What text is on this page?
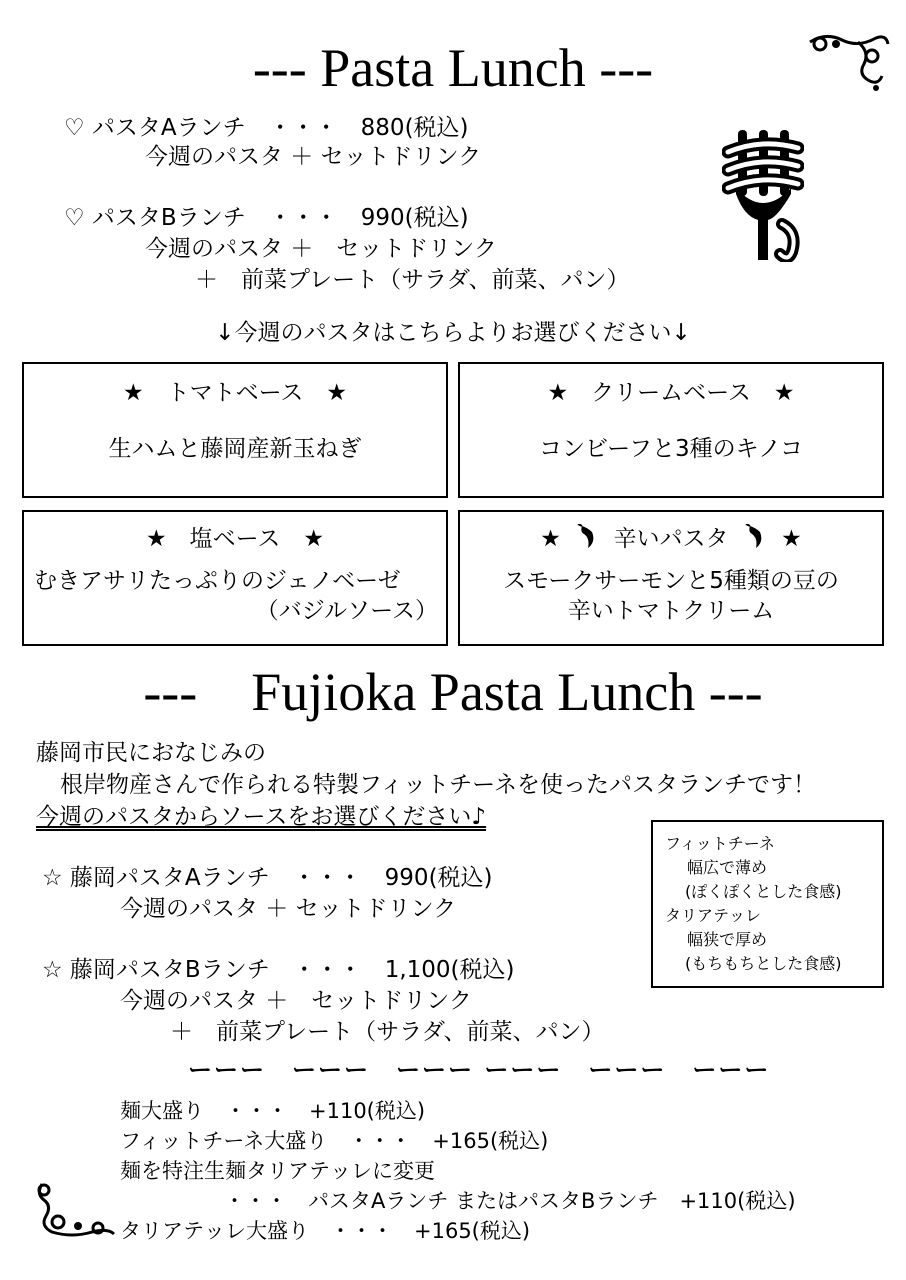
--- Pasta Lunch ---
♡ パスタAランチ　・・・　880(税込)
今週のパスタ ＋ セットドリンク
♡ パスタBランチ　・・・　990(税込)
今週のパスタ ＋　セットドリンク
＋　前菜プレート（サラダ、前菜、パン）
↓今週のパスタはこちらよりお選びください↓
★　トマトベース　★
生ハムと藤岡産新玉ねぎ
★　クリームベース　★
コンビーフと3種のキノコ
★　塩ベース　★
むきアサリたっぷりのジェノベーゼ
（バジルソース）
★ 辛いパスタ ★
スモークサーモンと5種類の豆の
辛いトマトクリーム
---　Fujioka Pasta Lunch ---
藤岡市民におなじみの
根岸物産さんで作られる特製フィットチーネを使ったパスタランチです！
今週のパスタからソースをお選びください♪
☆ 藤岡パスタAランチ　・・・　990(税込)
今週のパスタ ＋ セットドリンク
☆ 藤岡パスタBランチ　・・・　1,100(税込)
今週のパスタ ＋　セットドリンク
＋　前菜プレート（サラダ、前菜、パン）
ーーー　ーーー　ーーー ーーー　ーーー　ーーー
フィットチーネ
幅広で薄め
(ぽくぽくとした食感)
タリアテッレ
幅狭で厚め
(もちもちとした食感)
麺大盛り　・・・　+110(税込)
フィットチーネ大盛り　・・・　+165(税込)
麺を特注生麺タリアテッレに変更
・・・　パスタAランチ またはパスタBランチ　+110(税込)
タリアテッレ大盛り　・・・　+165(税込)
